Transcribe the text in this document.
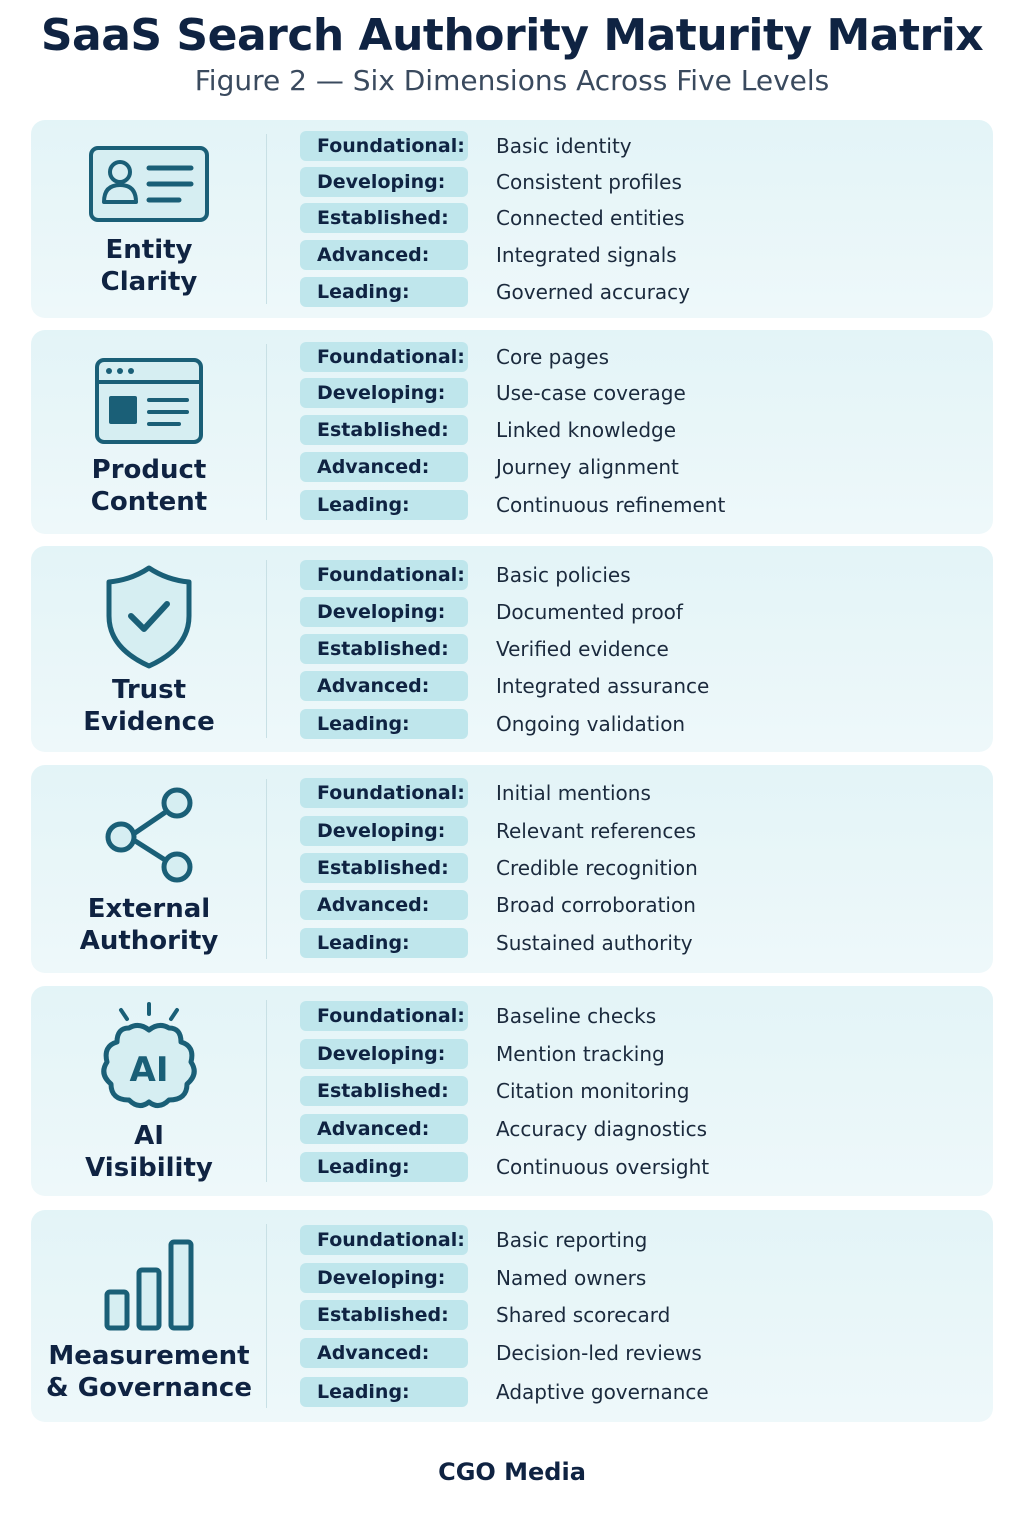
SaaS Search Authority Maturity Matrix
Figure 2 — Six Dimensions Across Five Levels
Entity
Clarity
Foundational: Basic identity
Developing:	Consistent profiles
Established:	Connected entities
Advanced:	Integrated signals
Leading:	Governed accuracy
Product
Content
Foundational: Core pages
Developing:	Use-case coverage
Established:	Linked knowledge
Advanced:	Journey alignment
Leading:	Continuous refinement
Trust
Evidence
Foundational: Basic policies
Developing:	Documented proof
Established:	Verified evidence
Advanced:	Integrated assurance
Leading:	Ongoing validation
External
Authority
Foundational: Initial mentions
Developing:	Relevant references
Established:	Credible recognition
Advanced:	Broad corroboration
Leading:	Sustained authority
AI
AI
Visibility
Foundational: Baseline checks
Developing:	Mention tracking
Established:	Citation monitoring
Advanced:	Accuracy diagnostics
Leading:	Continuous oversight
Measurement
& Governance
Foundational: Basic reporting
Developing:	Named owners
Established:	Shared scorecard
Advanced:	Decision-led reviews
Leading:	Adaptive governance
CGO Media
